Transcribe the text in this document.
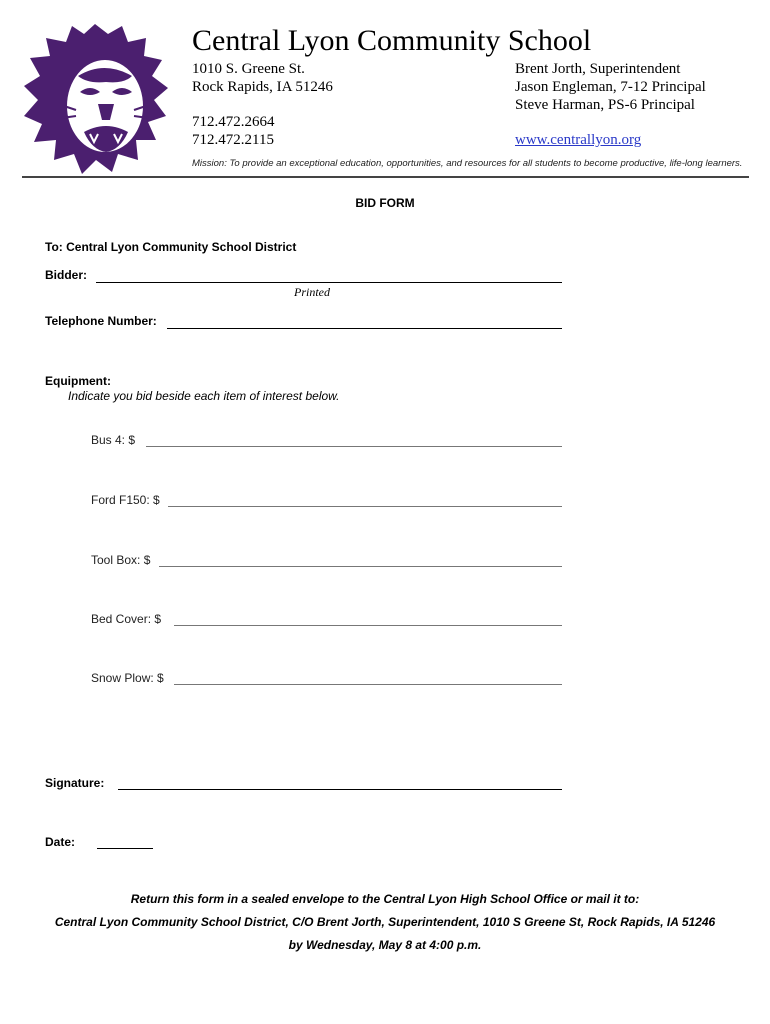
Central Lyon Community School
1010 S. Greene St.
Rock Rapids, IA 51246
712.472.2664
712.472.2115
Brent Jorth, Superintendent
Jason Engleman, 7-12 Principal
Steve Harman, PS-6 Principal
www.centrallyon.org
Mission: To provide an exceptional education, opportunities, and resources for all students to become productive, life-long learners.
BID FORM
To: Central Lyon Community School District
Bidder:
Printed
Telephone Number:
Equipment:
Indicate you bid beside each item of interest below.
Bus 4: $
Ford F150: $
Tool Box: $
Bed Cover: $
Snow Plow: $
Signature:
Date:
Return this form in a sealed envelope to the Central Lyon High School Office or mail it to:
Central Lyon Community School District, C/O Brent Jorth, Superintendent, 1010 S Greene St, Rock Rapids, IA 51246
by Wednesday, May 8 at 4:00 p.m.
